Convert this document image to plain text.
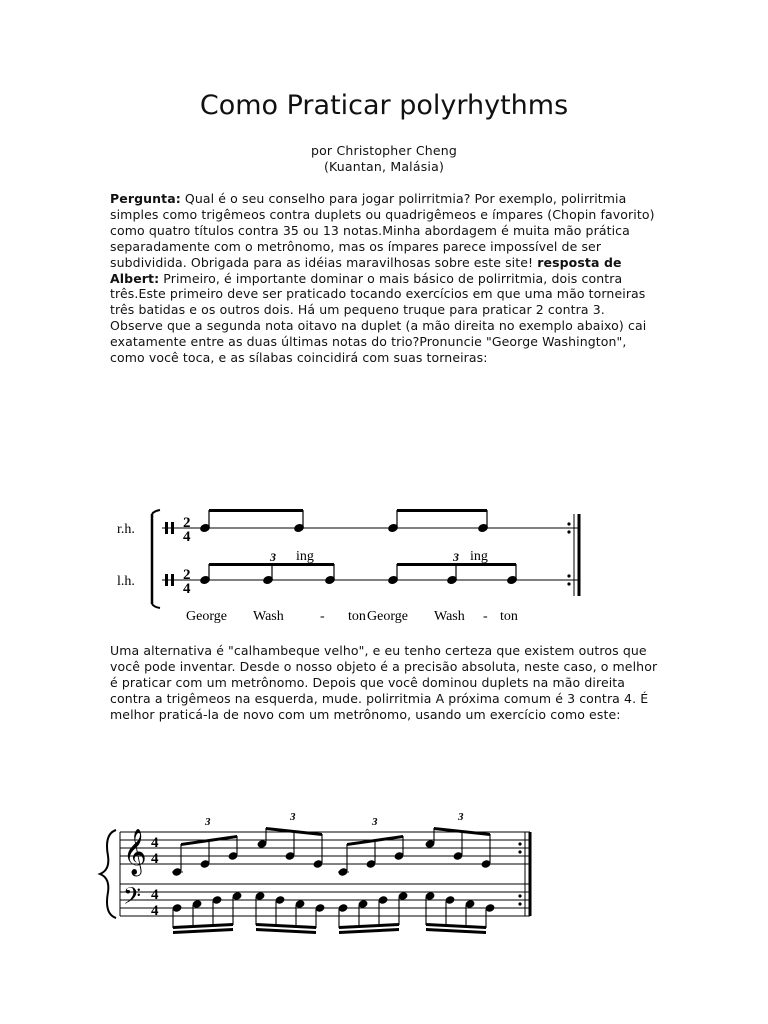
Como Praticar polyrhythms
por Christopher Cheng
(Kuantan, Malásia)
Pergunta: Qual é o seu conselho para jogar polirritmia? Por exemplo, polirritmia simples como trigêmeos contra duplets ou quadrigêmeos e ímpares (Chopin favorito) como quatro títulos contra 35 ou 13 notas.Minha abordagem é muita mão prática separadamente com o metrônomo, mas os ímpares parece impossível de ser subdividida. Obrigada para as idéias maravilhosas sobre este site! resposta de Albert: Primeiro, é importante dominar o mais básico de polirritmia, dois contra três.Este primeiro deve ser praticado tocando exercícios em que uma mão torneiras três batidas e os outros dois. Há um pequeno truque para praticar 2 contra 3. Observe que a segunda nota oitavo na duplet (a mão direita no exemplo abaixo) cai exatamente entre as duas últimas notas do trio?Pronuncie "George Washington", como você toca, e as sílabas coincidirá com suas torneiras:
r.h.
l.h.
2
4
2
4
3	3
ing	ing
George Wash	- ton George Wash - ton
Uma alternativa é "calhambeque velho", e eu tenho certeza que existem outros que você pode inventar. Desde o nosso objeto é a precisão absoluta, neste caso, o melhor é praticar com um metrônomo. Depois que você dominou duplets na mão direita contra a trigêmeos na esquerda, mude. polirritmia A próxima comum é 3 contra 4. É melhor praticá-la de novo com um metrônomo, usando um exercício como este:
𝄞
𝄢
4
4
4
4
3	3	3	3
